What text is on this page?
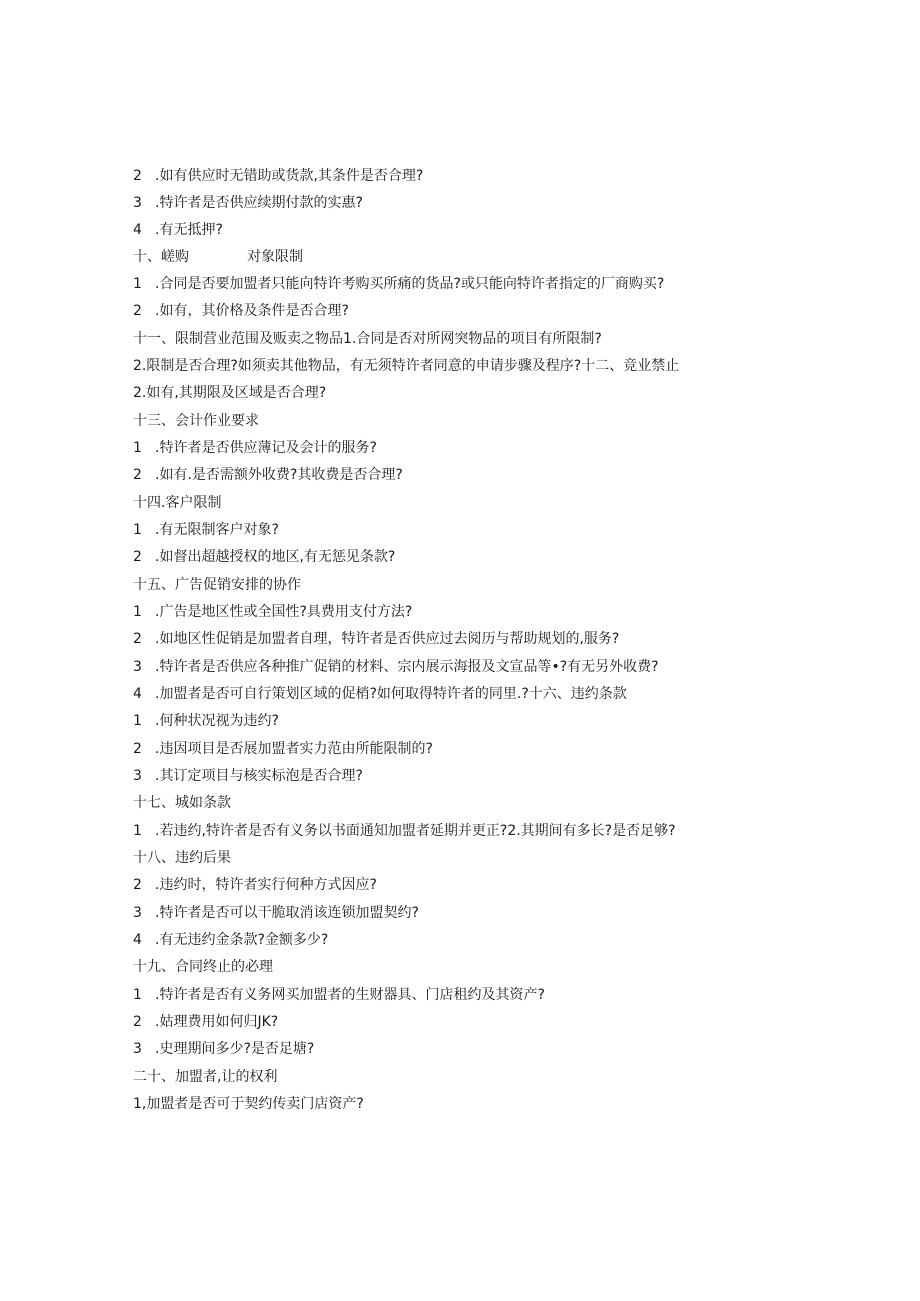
2 .如有供应时无错助或货款,其条件是否合理?
3 .特许者是否供应续期付款的实惠?
4 .有无抵押?
十、嵯购	对象限制
1 .合同是否要加盟者只能向特许考购买所痛的货品?或只能向特许者指定的厂商购买?
2 .如有，其价格及条件是否合理?
十一、限制营业范围及贩卖之物品1.合同是否对所网突物品的项目有所限制?
2.限制是否合理?如须卖其他物品，有无须特许者同意的申请步骤及程序?十二、竞业禁止
2.如有,其期限及区域是否合理?
十三、会计作业要求
1 .特许者是否供应薄记及会计的服务?
2 .如有.是否需额外收费?其收费是否合理?
十四.客户限制
1 .有无限制客户对象?
2 .如督出超越授权的地区,有无惩见条款?
十五、广告促销安排的协作
1 .广告是地区性或全国性?具费用支付方法?
2 .如地区性促销是加盟者自理，特许者是否供应过去阅历与帮助规划的,服务?
3 .特许者是否供应各种推广促销的材料、宗内展示海报及文宣品等•?有无另外收费?
4 .加盟者是否可自行策划区域的促梢?如何取得特许者的同里.?十六、违约条款
1 .何种状况视为违约?
2 .违因项目是否展加盟者实力范由所能限制的?
3 .其订定项目与核实标泡是否合理?
十七、城如条款
1 .若违约,特许者是否有义务以书面通知加盟者延期并更正?2.其期间有多长?是否足够?
十八、违约后果
2 .违约时，特许者实行何种方式因应?
3 .特许者是否可以干脆取消该连锁加盟契约?
4 .有无违约金条款?金额多少?
十九、合同终止的必理
1 .特许者是否有义务网买加盟者的生财器具、门店租约及其资产?
2 .姑理费用如何归JK?
3 .史理期间多少?是否足塘?
二十、加盟者,让的权利
1,加盟者是否可于契约传卖门店资产?
